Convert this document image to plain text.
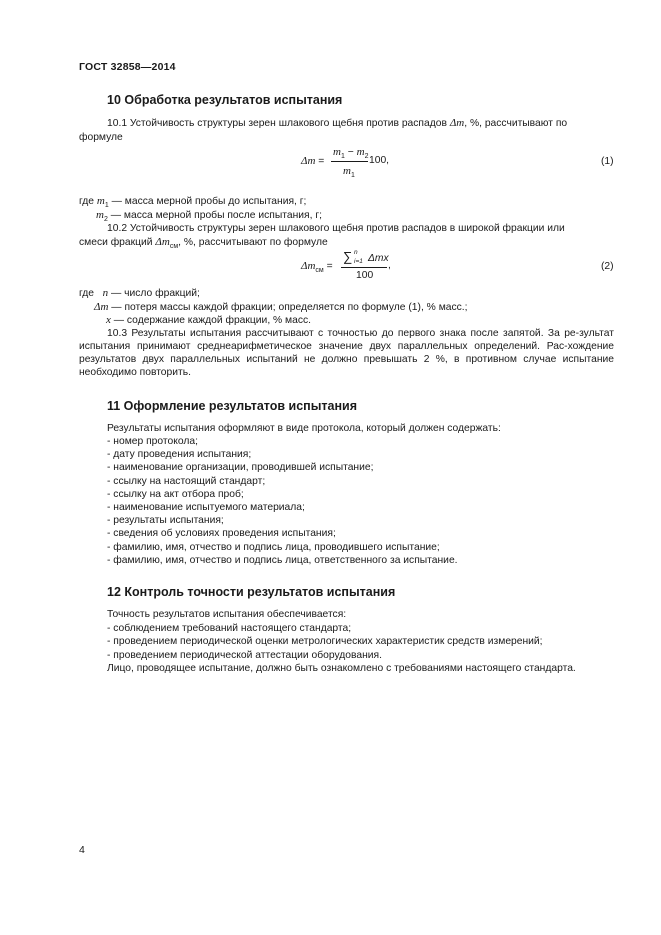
ГОСТ 32858—2014
10 Обработка результатов испытания
10.1 Устойчивость структуры зерен шлакового щебня против распадов Δm, %, рассчитывают по
формуле
Δm =
$m_1 - m_2$
$m_1$
100,	(1)
где $m_1$ — масса мерной пробы до испытания, г;
$m_2$ — масса мерной пробы после испытания, г;
10.2 Устойчивость структуры зерен шлакового щебня против распадов в широкой фракции или
смеси фракций $\Delta m_{см}$, %, рассчитывают по формуле
$\Delta m_{см}$ =
∑ n
i=1 Δmx
100
,	(2)
где n — число фракций;
Δm — потеря массы каждой фракции; определяется по формуле (1), % масс.;
x — содержание каждой фракции, % масс.
10.3 Результаты испытания рассчитывают с точностью до первого знака после запятой. За ре-зультат испытания принимают среднеарифметическое значение двух параллельных определений. Рас-хождение результатов двух параллельных испытаний не должно превышать 2 %, в противном случае испытание необходимо повторить.
11 Оформление результатов испытания
Результаты испытания оформляют в виде протокола, который должен содержать:
- номер протокола;
- дату проведения испытания;
- наименование организации, проводившей испытание;
- ссылку на настоящий стандарт;
- ссылку на акт отбора проб;
- наименование испытуемого материала;
- результаты испытания;
- сведения об условиях проведения испытания;
- фамилию, имя, отчество и подпись лица, проводившего испытание;
- фамилию, имя, отчество и подпись лица, ответственного за испытание.
12 Контроль точности результатов испытания
Точность результатов испытания обеспечивается:
- соблюдением требований настоящего стандарта;
- проведением периодической оценки метрологических характеристик средств измерений;
- проведением периодической аттестации оборудования.
Лицо, проводящее испытание, должно быть ознакомлено с требованиями настоящего стандарта.
4
